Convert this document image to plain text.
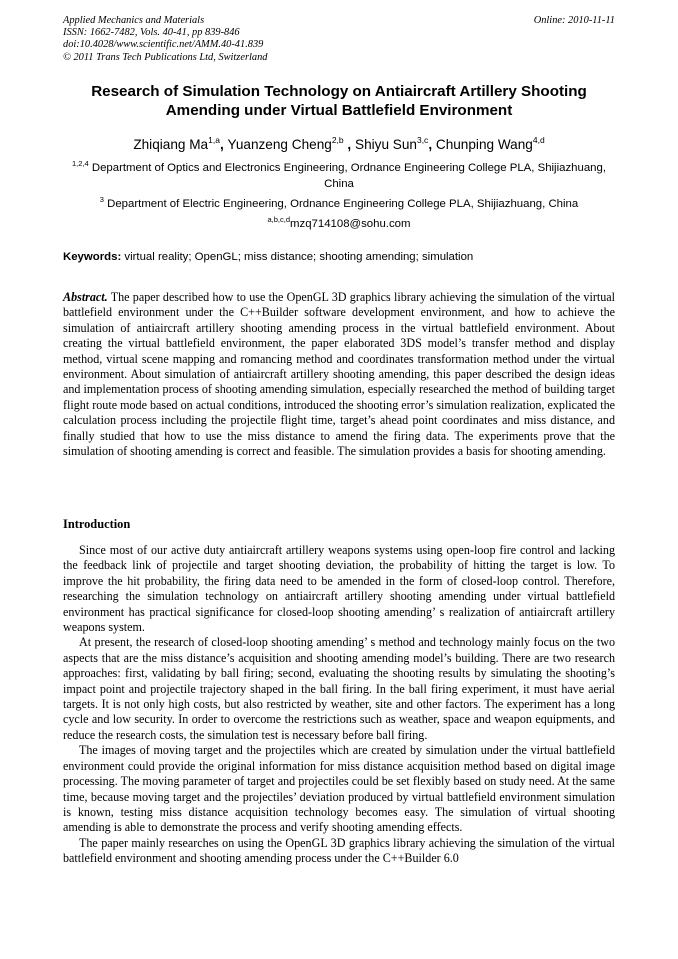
Applied Mechanics and Materials
ISSN: 1662-7482, Vols. 40-41, pp 839-846
doi:10.4028/www.scientific.net/AMM.40-41.839
© 2011 Trans Tech Publications Ltd, Switzerland
Online: 2010-11-11
Research of Simulation Technology on Antiaircraft Artillery Shooting Amending under Virtual Battlefield Environment
Zhiqiang Ma$^{1,a}$, Yuanzeng Cheng$^{2,b}$ , Shiyu Sun$^{3,c}$, Chunping Wang$^{4,d}$
$^{1,2,4}$ Department of Optics and Electronics Engineering, Ordnance Engineering College PLA, Shijiazhuang, China
$^3$ Department of Electric Engineering, Ordnance Engineering College PLA, Shijiazhuang, China
$^{a,b,c,d}$mzq714108@sohu.com
Keywords: virtual reality; OpenGL; miss distance; shooting amending; simulation
Abstract. The paper described how to use the OpenGL 3D graphics library achieving the simulation of the virtual battlefield environment under the C++Builder software development environment, and how to achieve the simulation of antiaircraft artillery shooting amending process in the virtual battlefield environment. About creating the virtual battlefield environment, the paper elaborated 3DS model’s transfer method and display method, virtual scene mapping and romancing method and coordinates transformation method under the virtual environment. About simulation of antiaircraft artillery shooting amending, this paper described the design ideas and implementation process of shooting amending simulation, especially researched the method of building target flight route mode based on actual conditions, introduced the shooting error’s simulation realization, explicated the calculation process including the projectile flight time, target’s ahead point coordinates and miss distance, and finally studied that how to use the miss distance to amend the firing data. The experiments prove that the simulation of shooting amending is correct and feasible. The simulation provides a basis for shooting amending.
Introduction

Since most of our active duty antiaircraft artillery weapons systems using open-loop fire control and lacking the feedback link of projectile and target shooting deviation, the probability of hitting the target is low. To improve the hit probability, the firing data need to be amended in the form of closed-loop control. Therefore, researching the simulation technology on antiaircraft artillery shooting amending under virtual battlefield environment has practical significance for closed-loop shooting amending’ s realization of antiaircraft artillery weapons system.

At present, the research of closed-loop shooting amending’ s method and technology mainly focus on the two aspects that are the miss distance’s acquisition and shooting amending model’s building. There are two research approaches: first, validating by ball firing; second, evaluating the shooting results by simulating the shooting’s impact point and projectile trajectory shaped in the ball firing. In the ball firing experiment, it must have aerial targets. It is not only high costs, but also restricted by weather, site and other factors. The experiment has a long cycle and low security. In order to overcome the restrictions such as weather, space and weapon equipments, and reduce the research costs, the simulation test is necessary before ball firing.

The images of moving target and the projectiles which are created by simulation under the virtual battlefield environment could provide the original information for miss distance acquisition method based on digital image processing. The moving parameter of target and projectiles could be set flexibly based on study need. At the same time, because moving target and the projectiles’ deviation produced by virtual battlefield environment simulation is known, testing miss distance acquisition technology becomes easy. The simulation of virtual shooting amending is able to demonstrate the process and verify shooting amending effects.

The paper mainly researches on using the OpenGL 3D graphics library achieving the simulation of the virtual battlefield environment and shooting amending process under the C++Builder 6.0
